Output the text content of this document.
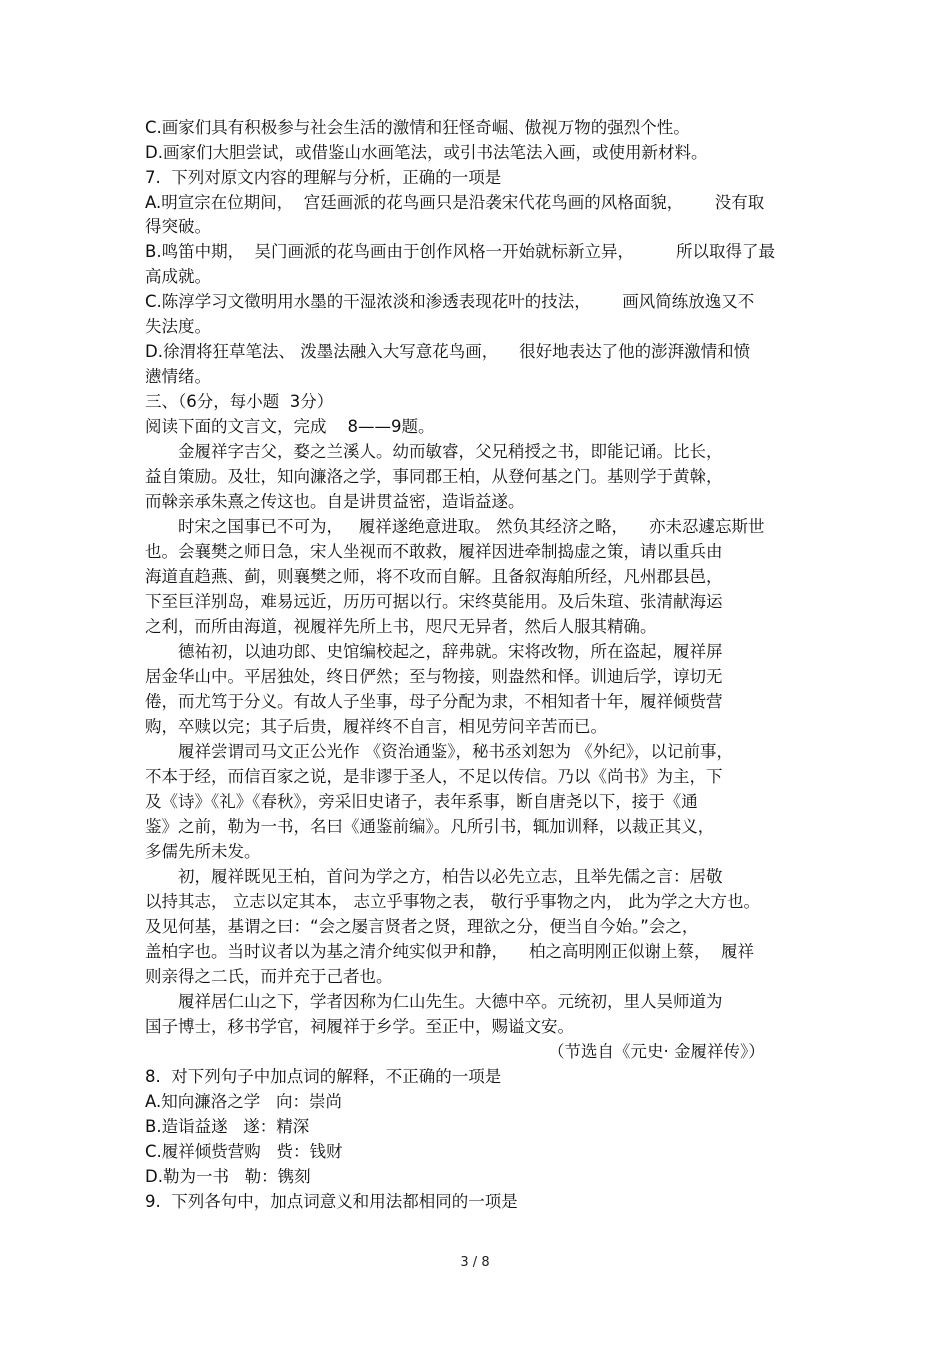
C.画家们具有积极参与社会生活的激情和狂怪奇崛、傲视万物的强烈个性。
D.画家们大胆尝试，或借鉴山水画笔法，或引书法笔法入画，或使用新材料。
7.  下列对原文内容的理解与分析，正确的一项是
A.明宣宗在位期间，  宫廷画派的花鸟画只是沿袭宋代花鸟画的风格面貌，      没有取
得突破。
B.鸣笛中期，  吴门画派的花鸟画由于创作风格一开始就标新立异，        所以取得了最
高成就。
C.陈淳学习文徵明用水墨的干湿浓淡和渗透表现花叶的技法，      画风简练放逸又不
失法度。
D.徐渭将狂草笔法、 泼墨法融入大写意花鸟画，    很好地表达了他的澎湃激情和愤
懑情绪。
三、（6分，每小题  3分）
阅读下面的文言文，完成    8——9题。
金履祥字吉父，婺之兰溪人。幼而敏睿，父兄稍授之书，即能记诵。比长，
益自策励。及壮，知向濂洛之学，事同郡王柏，从登何基之门。基则学于黄榦，
而榦亲承朱熹之传这也。自是讲贯益密，造诣益遂。
时宋之国事已不可为，   履祥遂绝意进取。 然负其经济之略，    亦未忍遽忘斯世
也。会襄樊之师日急，宋人坐视而不敢救，履祥因进牵制捣虚之策，请以重兵由
海道直趋燕、蓟，则襄樊之师，将不攻而自解。且备叙海舶所经，凡州郡县邑，
下至巨洋别岛，难易远近，历历可据以行。宋终莫能用。及后朱瑄、张清献海运
之利，而所由海道，视履祥先所上书，咫尺无异者，然后人服其精确。
德祐初，以迪功郎、史馆编校起之，辞弗就。宋将改物，所在盗起，履祥屏
居金华山中。平居独处，终日俨然；至与物接，则盎然和怿。训迪后学，谆切无
倦，而尤笃于分义。有故人子坐事，母子分配为隶，不相知者十年，履祥倾赀营
购，卒赎以完；其子后贵，履祥终不自言，相见劳问辛苦而已。
履祥尝谓司马文正公光作 《资治通鉴》，秘书丞刘恕为 《外纪》，以记前事，
不本于经，而信百家之说，是非谬于圣人，不足以传信。乃以《尚书》为主，下
及《诗》《礼》《春秋》，旁采旧史诸子，表年系事，断自唐尧以下，接于《通
鉴》之前，勒为一书，名曰《通鉴前编》。凡所引书，辄加训释，以裁正其义，
多儒先所未发。
初，履祥既见王柏，首问为学之方，柏告以必先立志，且举先儒之言：居敬
以持其志， 立志以定其本， 志立乎事物之表， 敬行乎事物之内， 此为学之大方也。
及见何基，基谓之曰：“会之屡言贤者之贤，理欲之分，便当自今始。”会之，
盖柏字也。当时议者以为基之清介纯实似尹和静，    柏之高明刚正似谢上蔡，  履祥
则亲得之二氏，而并充于己者也。
履祥居仁山之下，学者因称为仁山先生。大德中卒。元统初，里人吴师道为
国子博士，移书学官，祠履祥于乡学。至正中，赐谥文安。
（节选自《元史· 金履祥传》）
8.  对下列句子中加点词的解释，不正确的一项是
A.知向濂洛之学   向：崇尚
B.造诣益遂   遂：精深
C.履祥倾赀营购   赀：钱财
D.勒为一书   勒：镌刻
9.  下列各句中，加点词意义和用法都相同的一项是
3 / 8
